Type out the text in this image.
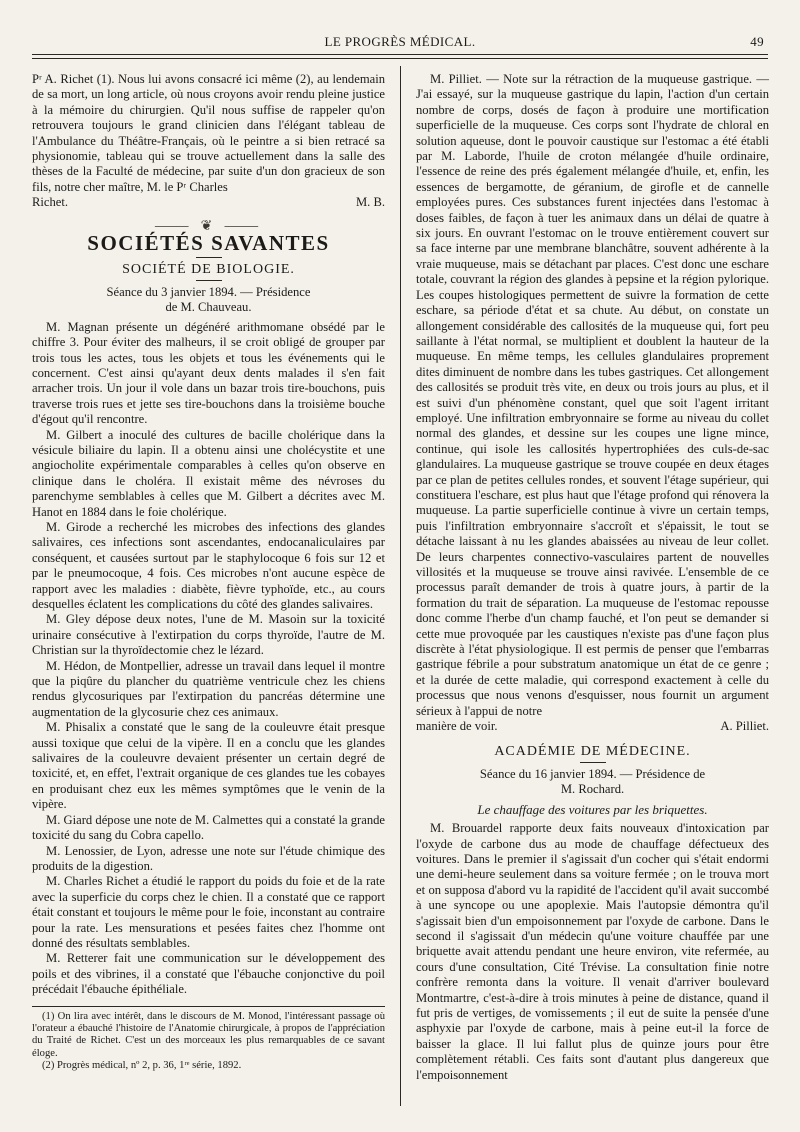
LE PROGRÈS MÉDICAL.	49

Pʳ A. Richet (1). Nous lui avons consacré ici même (2), au lendemain de sa mort, un long article, où nous croyons avoir rendu pleine justice à la mémoire du chirurgien. Qu'il nous suffise de rappeler qu'on retrouvera toujours le grand clinicien dans l'élégant tableau de l'Ambulance du Théâtre-Français, où le peintre a si bien retracé sa physionomie, tableau qui se trouve actuellement dans la salle des thèses de la Faculté de médecine, par suite d'un don gracieux de son fils, notre cher maître, M. le Pʳ Charles

Richet.	M. B.
⸻ ❦ ⸻
SOCIÉTÉS SAVANTES
SOCIÉTÉ DE BIOLOGIE.
Séance du 3 janvier 1894. — Présidence
de M. Chauveau.

M. Magnan présente un dégénéré arithmomane obsédé par le chiffre 3. Pour éviter des malheurs, il se croit obligé de grouper par trois tous les actes, tous les objets et tous les événements qui le concernent. C'est ainsi qu'ayant deux dents malades il s'en fait arracher trois. Un jour il vole dans un bazar trois tire-bouchons, puis traverse trois rues et jette ses tire-bouchons dans la troisième bouche d'égout qu'il rencontre.

M. Gilbert a inoculé des cultures de bacille cholérique dans la vésicule biliaire du lapin. Il a obtenu ainsi une cholécystite et une angiocholite expérimentale comparables à celles qu'on observe en clinique dans le choléra. Il existait même des névroses du parenchyme semblables à celles que M. Gilbert a décrites avec M. Hanot en 1884 dans le foie cholérique.

M. Girode a recherché les microbes des infections des glandes salivaires, ces infections sont ascendantes, endocanaliculaires par conséquent, et causées surtout par le staphylocoque 6 fois sur 12 et par le pneumocoque, 4 fois. Ces microbes n'ont aucune espèce de rapport avec les maladies : diabète, fièvre typhoïde, etc., au cours desquelles éclatent les complications du côté des glandes salivaires.

M. Gley dépose deux notes, l'une de M. Masoin sur la toxicité urinaire consécutive à l'extirpation du corps thyroïde, l'autre de M. Christian sur la thyroïdectomie chez le lézard.

M. Hédon, de Montpellier, adresse un travail dans lequel il montre que la piqûre du plancher du quatrième ventricule chez les chiens rendus glycosuriques par l'extirpation du pancréas détermine une augmentation de la glycosurie chez ces animaux.

M. Phisalix a constaté que le sang de la couleuvre était presque aussi toxique que celui de la vipère. Il en a conclu que les glandes salivaires de la couleuvre devaient présenter un certain degré de toxicité, et, en effet, l'extrait organique de ces glandes tue les cobayes en produisant chez eux les mêmes symptômes que le venin de la vipère.

M. Giard dépose une note de M. Calmettes qui a constaté la grande toxicité du sang du Cobra capello.

M. Lenossier, de Lyon, adresse une note sur l'étude chimique des produits de la digestion.

M. Charles Richet a étudié le rapport du poids du foie et de la rate avec la superficie du corps chez le chien. Il a constaté que ce rapport était constant et toujours le même pour le foie, inconstant au contraire pour la rate. Les mensurations et pesées faites chez l'homme ont donné des résultats semblables.

M. Retterer fait une communication sur le développement des poils et des vibrines, il a constaté que l'ébauche conjonctive du poil précédait l'ébauche épithéliale.

(1) On lira avec intérêt, dans le discours de M. Monod, l'intéressant passage où l'orateur a ébauché l'histoire de l'Anatomie chirurgicale, à propos de l'appréciation du Traité de Richet. C'est un des morceaux les plus remarquables de ce savant éloge.

(2) Progrès médical, nº 2, p. 36, 1ʳᵉ série, 1892.

M. Pilliet. — Note sur la rétraction de la muqueuse gastrique. — J'ai essayé, sur la muqueuse gastrique du lapin, l'action d'un certain nombre de corps, dosés de façon à produire une mortification superficielle de la muqueuse. Ces corps sont l'hydrate de chloral en solution aqueuse, dont le pouvoir caustique sur l'estomac a été établi par M. Laborde, l'huile de croton mélangée d'huile ordinaire, l'essence de reine des prés également mélangée d'huile, et, enfin, les essences de bergamotte, de géranium, de girofle et de cannelle employées pures. Ces substances furent injectées dans l'estomac à doses faibles, de façon à tuer les animaux dans un délai de quatre à six jours. En ouvrant l'estomac on le trouve entièrement couvert sur sa face interne par une membrane blanchâtre, souvent adhérente à la vraie muqueuse, mais se détachant par places. C'est donc une eschare totale, couvrant la région des glandes à pepsine et la région pylorique. Les coupes histologiques permettent de suivre la formation de cette eschare, sa période d'état et sa chute. Au début, on constate un allongement considérable des callosités de la muqueuse qui, fort peu saillante à l'état normal, se multiplient et doublent la hauteur de la muqueuse. En même temps, les cellules glandulaires proprement dites diminuent de nombre dans les tubes gastriques. Cet allongement des callosités se produit très vite, en deux ou trois jours au plus, et il est suivi d'un phénomène constant, quel que soit l'agent irritant employé. Une infiltration embryonnaire se forme au niveau du collet normal des glandes, et dessine sur les coupes une ligne mince, continue, qui isole les callosités hypertrophiées des culs-de-sac glandulaires. La muqueuse gastrique se trouve coupée en deux étages par ce plan de petites cellules rondes, et souvent l'étage supérieur, qui constituera l'eschare, est plus haut que l'étage profond qui rénovera la muqueuse. La partie superficielle continue à vivre un certain temps, puis l'infiltration embryonnaire s'accroît et s'épaissit, le tout se détache laissant à nu les glandes abaissées au niveau de leur collet. De leurs charpentes connectivo-vasculaires partent de nouvelles villosités et la muqueuse se trouve ainsi ravivée. L'ensemble de ce processus paraît demander de trois à quatre jours, à partir de la formation du trait de séparation. La muqueuse de l'estomac repousse donc comme l'herbe d'un champ fauché, et l'on peut se demander si cette mue provoquée par les caustiques n'existe pas d'une façon plus discrète à l'état physiologique. Il est permis de penser que l'embarras gastrique fébrile a pour substratum anatomique un état de ce genre ; et la durée de cette maladie, qui correspond exactement à celle du processus que nous venons d'esquisser, nous fournit un argument sérieux à l'appui de notre

manière de voir.	A. Pilliet.
ACADÉMIE DE MÉDECINE.
Séance du 16 janvier 1894. — Présidence de
M. Rochard.
Le chauffage des voitures par les briquettes.

M. Brouardel rapporte deux faits nouveaux d'intoxication par l'oxyde de carbone dus au mode de chauffage défectueux des voitures. Dans le premier il s'agissait d'un cocher qui s'était endormi une demi-heure seulement dans sa voiture fermée ; on le trouva mort et on supposa d'abord vu la rapidité de l'accident qu'il avait succombé à une syncope ou une apoplexie. Mais l'autopsie démontra qu'il s'agissait bien d'un empoisonnement par l'oxyde de carbone. Dans le second il s'agissait d'un médecin qu'une voiture chauffée par une briquette avait attendu pendant une heure environ, vite refermée, au cours d'une consultation, Cité Trévise. La consultation finie notre confrère remonta dans la voiture. Il venait d'arriver boulevard Montmartre, c'est-à-dire à trois minutes à peine de distance, quand il fut pris de vertiges, de vomissements ; il eut de suite la pensée d'une asphyxie par l'oxyde de carbone, mais à peine eut-il la force de baisser la glace. Il lui fallut plus de quinze jours pour être complètement rétabli. Ces faits sont d'autant plus dangereux que l'empoisonnement
